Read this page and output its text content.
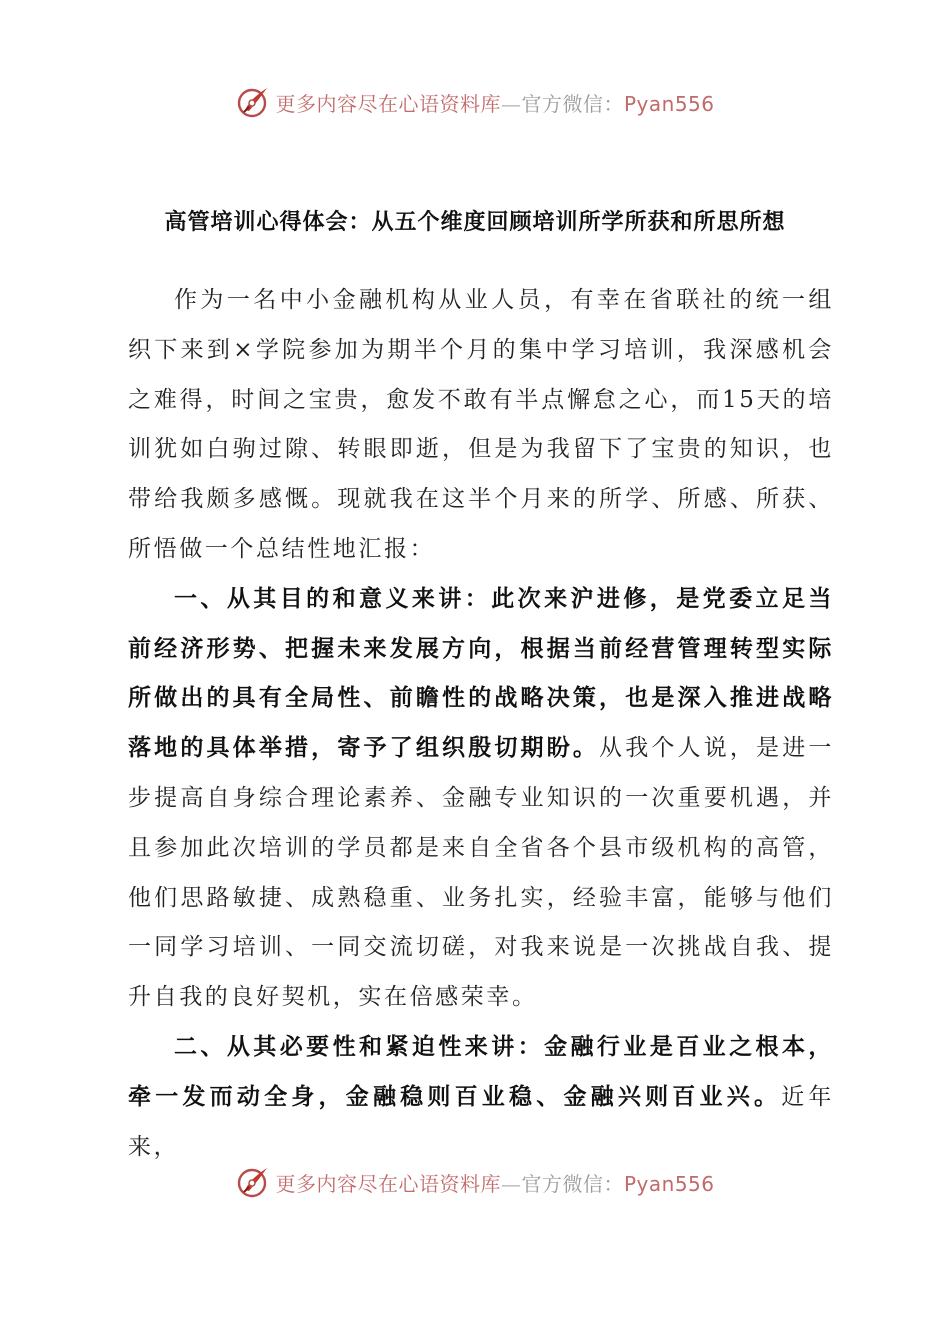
更多内容尽在心语资料库—官方微信：Pyan556
高管培训心得体会：从五个维度回顾培训所学所获和所思所想

作为一名中小金融机构从业人员，有幸在省联社的统一组织下来到×学院参加为期半个月的集中学习培训，我深感机会之难得，时间之宝贵，愈发不敢有半点懈怠之心，而15天的培训犹如白驹过隙、转眼即逝，但是为我留下了宝贵的知识，也带给我颇多感慨。现就我在这半个月来的所学、所感、所获、所悟做一个总结性地汇报：

一、从其目的和意义来讲：此次来沪进修，是党委立足当前经济形势、把握未来发展方向，根据当前经营管理转型实际所做出的具有全局性、前瞻性的战略决策，也是深入推进战略落地的具体举措，寄予了组织殷切期盼。从我个人说，是进一步提高自身综合理论素养、金融专业知识的一次重要机遇，并且参加此次培训的学员都是来自全省各个县市级机构的高管，他们思路敏捷、成熟稳重、业务扎实，经验丰富，能够与他们一同学习培训、一同交流切磋，对我来说是一次挑战自我、提升自我的良好契机，实在倍感荣幸。

二、从其必要性和紧迫性来讲：金融行业是百业之根本，牵一发而动全身，金融稳则百业稳、金融兴则百业兴。近年来，

更多内容尽在心语资料库—官方微信：Pyan556
